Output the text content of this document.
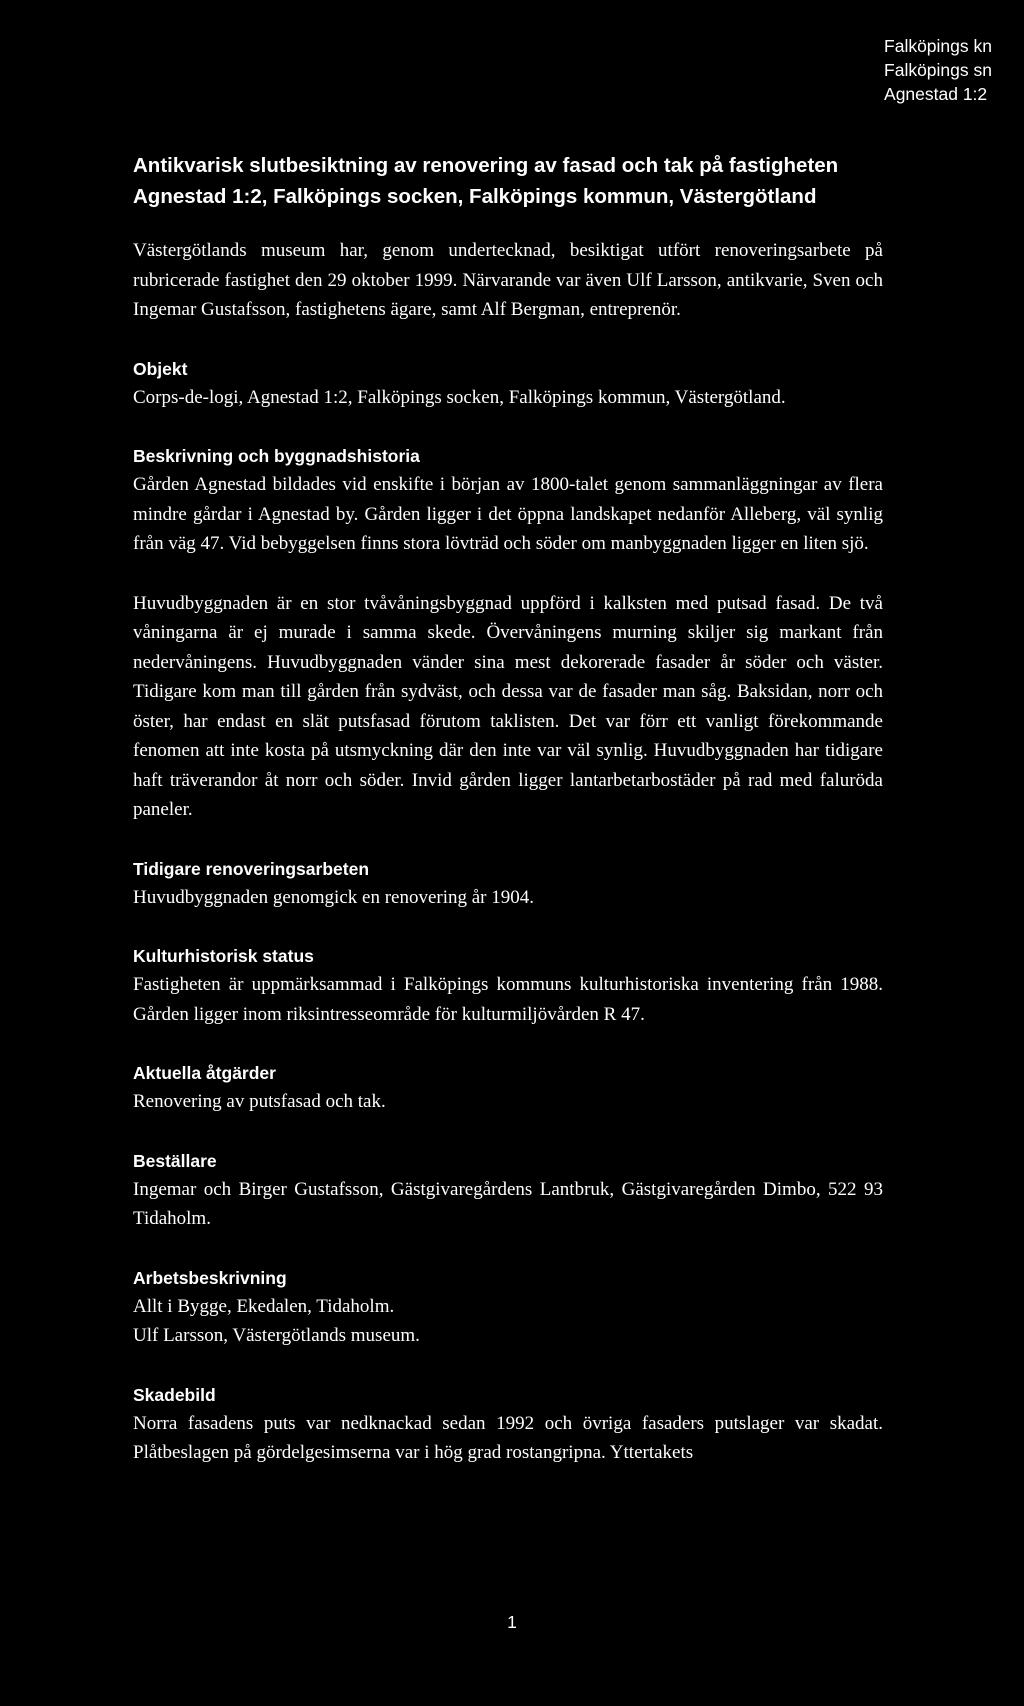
Falköpings kn
Falköpings sn
Agnestad 1:2
Antikvarisk slutbesiktning av renovering av fasad och tak på fastigheten
Agnestad 1:2, Falköpings socken, Falköpings kommun, Västergötland

Västergötlands museum har, genom undertecknad, besiktigat utfört renoveringsarbete på rubricerade fastighet den 29 oktober 1999. Närvarande var även Ulf Larsson, antikvarie, Sven och Ingemar Gustafsson, fastighetens ägare, samt Alf Bergman, entreprenör.

Objekt

Corps-de-logi, Agnestad 1:2, Falköpings socken, Falköpings kommun, Västergötland.

Beskrivning och byggnadshistoria

Gården Agnestad bildades vid enskifte i början av 1800-talet genom sammanläggningar av flera mindre gårdar i Agnestad by. Gården ligger i det öppna landskapet nedanför Alleberg, väl synlig från väg 47. Vid bebyggelsen finns stora lövträd och söder om manbyggnaden ligger en liten sjö.

Huvudbyggnaden är en stor tvåvåningsbyggnad uppförd i kalksten med putsad fasad. De två våningarna är ej murade i samma skede. Övervåningens murning skiljer sig markant från nedervåningens. Huvudbyggnaden vänder sina mest dekorerade fasader år söder och väster. Tidigare kom man till gården från sydväst, och dessa var de fasader man såg. Baksidan, norr och öster, har endast en slät putsfasad förutom taklisten. Det var förr ett vanligt förekommande fenomen att inte kosta på utsmyckning där den inte var väl synlig. Huvudbyggnaden har tidigare haft träverandor åt norr och söder. Invid gården ligger lantarbetarbostäder på rad med faluröda paneler.

Tidigare renoveringsarbeten

Huvudbyggnaden genomgick en renovering år 1904.

Kulturhistorisk status

Fastigheten är uppmärksammad i Falköpings kommuns kulturhistoriska inventering från 1988. Gården ligger inom riksintresseområde för kulturmiljövården R 47.

Aktuella åtgärder

Renovering av putsfasad och tak.

Beställare

Ingemar och Birger Gustafsson, Gästgivaregårdens Lantbruk, Gästgivaregården Dimbo, 522 93 Tidaholm.

Arbetsbeskrivning
Allt i Bygge, Ekedalen, Tidaholm.
Ulf Larsson, Västergötlands museum.
Skadebild

Norra fasadens puts var nedknackad sedan 1992 och övriga fasaders putslager var skadat. Plåtbeslagen på gördelgesimserna var i hög grad rostangripna. Yttertakets

1
